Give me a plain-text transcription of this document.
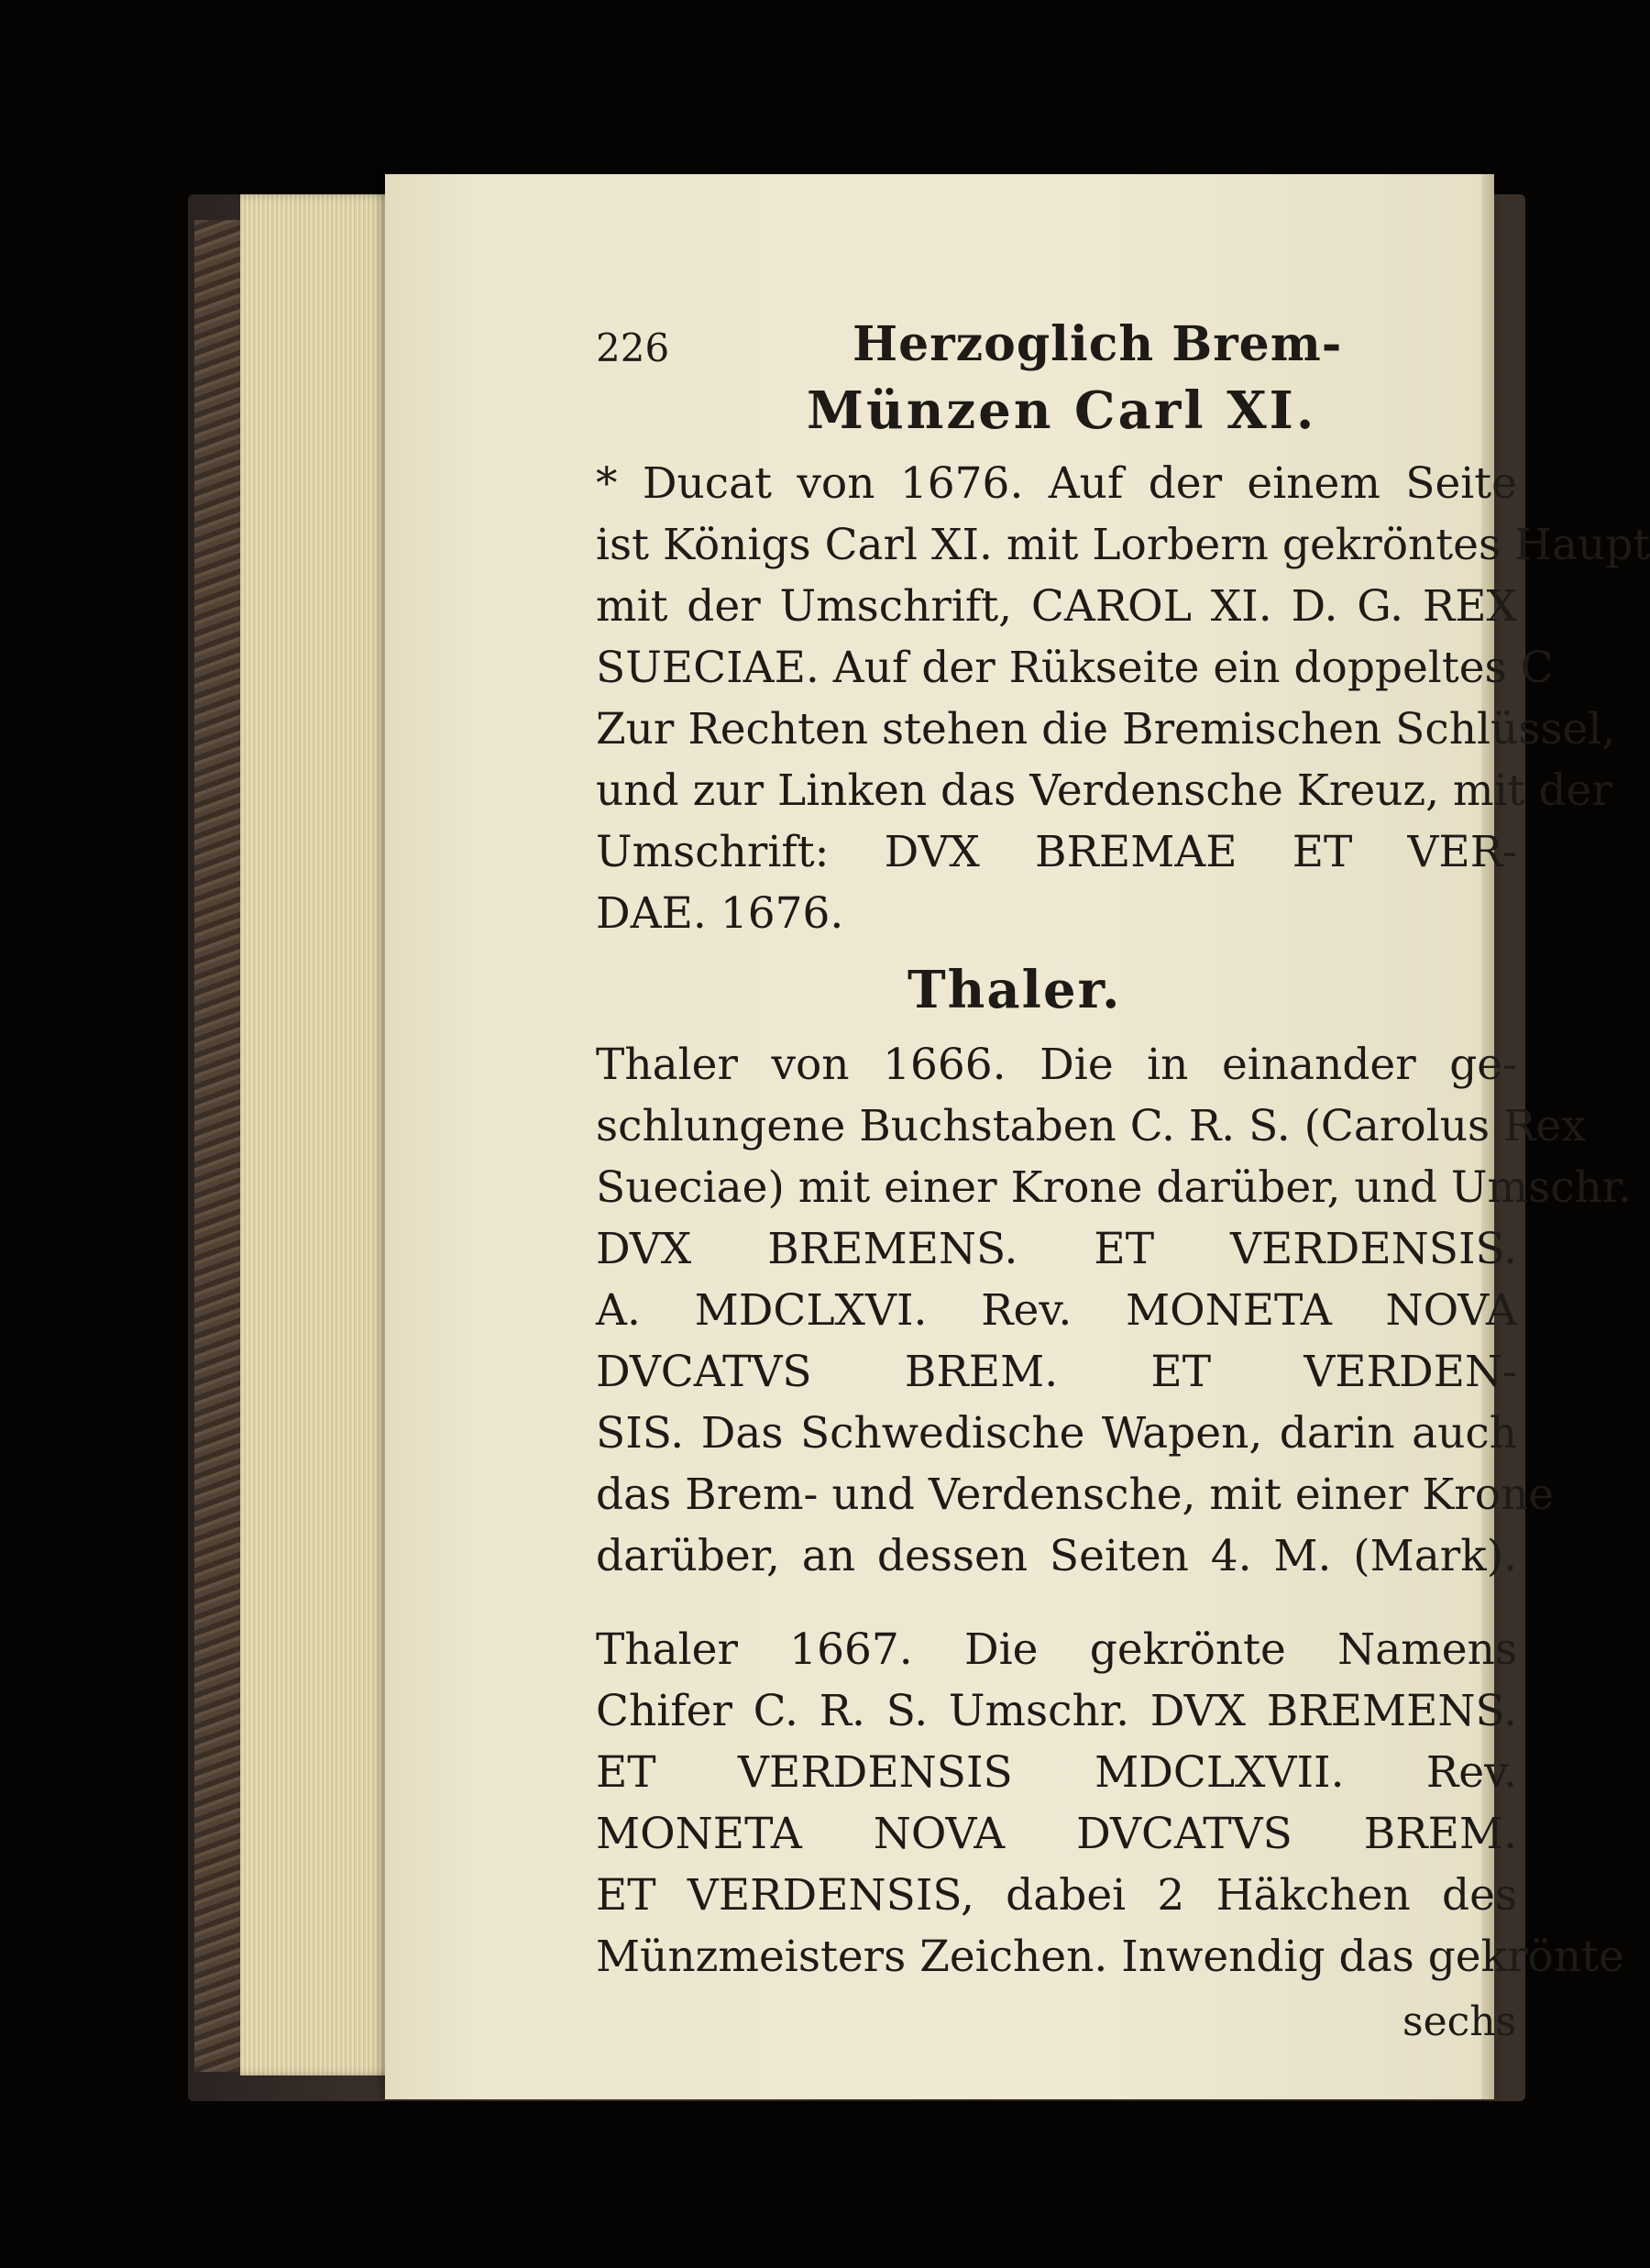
226	Herzoglich Brem-
Münzen Carl XI.
* Ducat von 1676. Auf der einem Seite
ist Königs Carl XI. mit Lorbern gekröntes Haupt
mit der Umschrift, CAROL XI. D. G. REX
SUECIAE. Auf der Rükseite ein doppeltes C
Zur Rechten stehen die Bremischen Schlüssel,
und zur Linken das Verdensche Kreuz, mit der
Umschrift: DVX BREMAE ET VER-
DAE. 1676.
Thaler.
Thaler von 1666. Die in einander ge-
schlungene Buchstaben C. R. S. (Carolus Rex
Sueciae) mit einer Krone darüber, und Umschr.
DVX BREMENS. ET VERDENSIS.
A. MDCLXVI. Rev. MONETA NOVA
DVCATVS BREM. ET VERDEN-
SIS. Das Schwedische Wapen, darin auch
das Brem- und Verdensche, mit einer Krone
darüber, an dessen Seiten 4. M. (Mark).
Thaler 1667. Die gekrönte Namens
Chifer C. R. S. Umschr. DVX BREMENS.
ET VERDENSIS MDCLXVII. Rev.
MONETA NOVA DVCATVS BREM.
ET VERDENSIS, dabei 2 Häkchen des
Münzmeisters Zeichen. Inwendig das gekrönte
sechs
